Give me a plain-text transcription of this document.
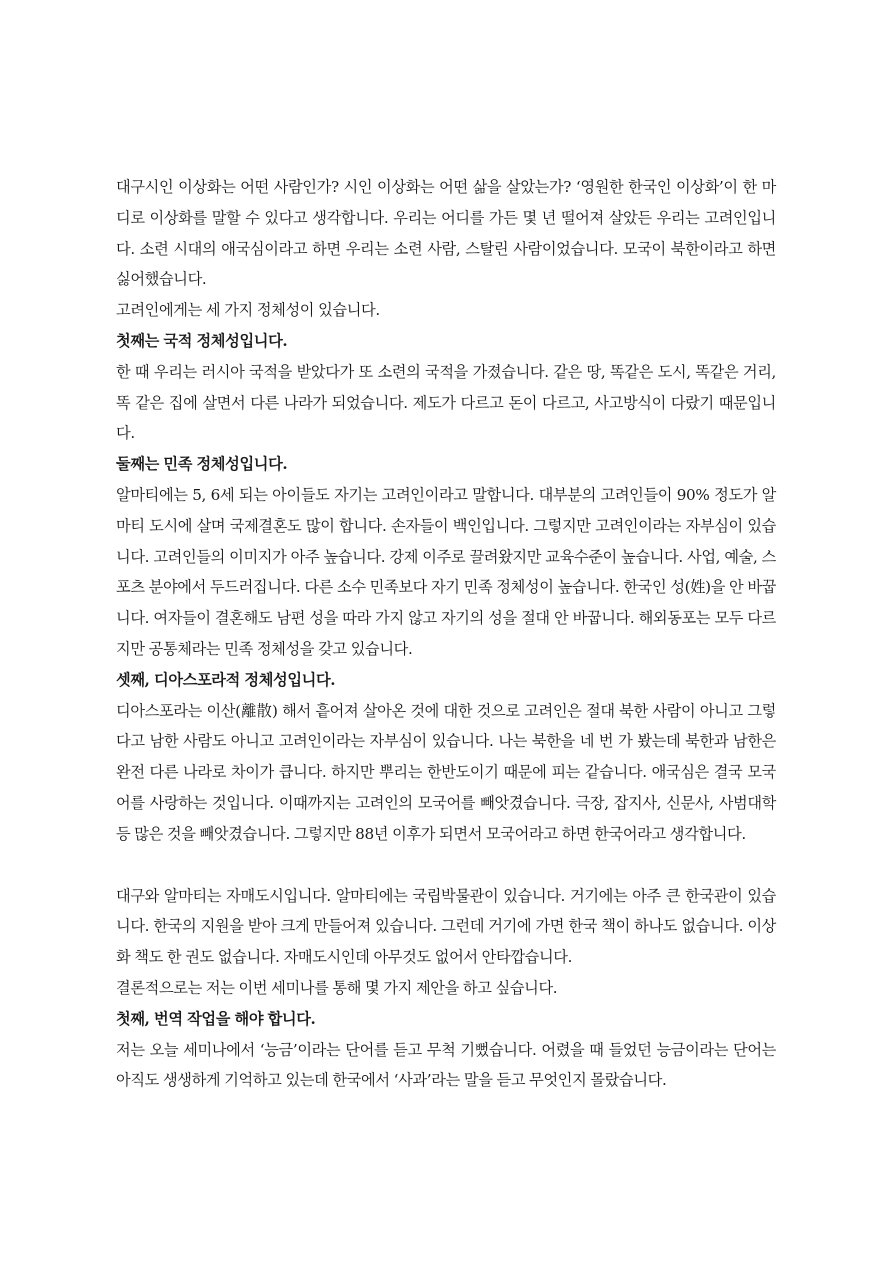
대구시인 이상화는 어떤 사람인가? 시인 이상화는 어떤 삶을 살았는가? ‘영원한 한국인 이상화’이 한 마디로 이상화를 말할 수 있다고 생각합니다. 우리는 어디를 가든 몇 년 떨어져 살았든 우리는 고려인입니다. 소련 시대의 애국심이라고 하면 우리는 소련 사람, 스탈린 사람이었습니다. 모국이 북한이라고 하면 싫어했습니다.

고려인에게는 세 가지 정체성이 있습니다.

첫째는 국적 정체성입니다.

한 때 우리는 러시아 국적을 받았다가 또 소련의 국적을 가졌습니다. 같은 땅, 똑같은 도시, 똑같은 거리, 똑 같은 집에 살면서 다른 나라가 되었습니다. 제도가 다르고 돈이 다르고, 사고방식이 다랐기 때문입니다.

둘째는 민족 정체성입니다.

알마티에는 5, 6세 되는 아이들도 자기는 고려인이라고 말합니다. 대부분의 고려인들이 90% 정도가 알마티 도시에 살며 국제결혼도 많이 합니다. 손자들이 백인입니다. 그렇지만 고려인이라는 자부심이 있습니다. 고려인들의 이미지가 아주 높습니다. 강제 이주로 끌려왔지만 교육수준이 높습니다. 사업, 예술, 스포츠 분야에서 두드러집니다. 다른 소수 민족보다 자기 민족 정체성이 높습니다. 한국인 성(姓)을 안 바꿉니다. 여자들이 결혼해도 남편 성을 따라 가지 않고 자기의 성을 절대 안 바꿉니다. 해외동포는 모두 다르지만 공통체라는 민족 정체성을 갖고 있습니다.

셋째, 디아스포라적 정체성입니다.

디아스포라는 이산(離散) 해서 흩어져 살아온 것에 대한 것으로 고려인은 절대 북한 사람이 아니고 그렇다고 남한 사람도 아니고 고려인이라는 자부심이 있습니다. 나는 북한을 네 번 가 봤는데 북한과 남한은 완전 다른 나라로 차이가 큽니다. 하지만 뿌리는 한반도이기 때문에 피는 같습니다. 애국심은 결국 모국어를 사랑하는 것입니다. 이때까지는 고려인의 모국어를 빼앗겼습니다. 극장, 잡지사, 신문사, 사범대학 등 많은 것을 빼앗겼습니다. 그렇지만 88년 이후가 되면서 모국어라고 하면 한국어라고 생각합니다.

대구와 알마티는 자매도시입니다. 알마티에는 국립박물관이 있습니다. 거기에는 아주 큰 한국관이 있습니다. 한국의 지원을 받아 크게 만들어져 있습니다. 그런데 거기에 가면 한국 책이 하나도 없습니다. 이상화 책도 한 권도 없습니다. 자매도시인데 아무것도 없어서 안타깝습니다.

결론적으로는 저는 이번 세미나를 통해 몇 가지 제안을 하고 싶습니다.

첫째, 번역 작업을 해야 합니다.

저는 오늘 세미나에서 ‘능금’이라는 단어를 듣고 무척 기뻤습니다. 어렸을 때 들었던 능금이라는 단어는 아직도 생생하게 기억하고 있는데 한국에서 ‘사과’라는 말을 듣고 무엇인지 몰랐습니다.
